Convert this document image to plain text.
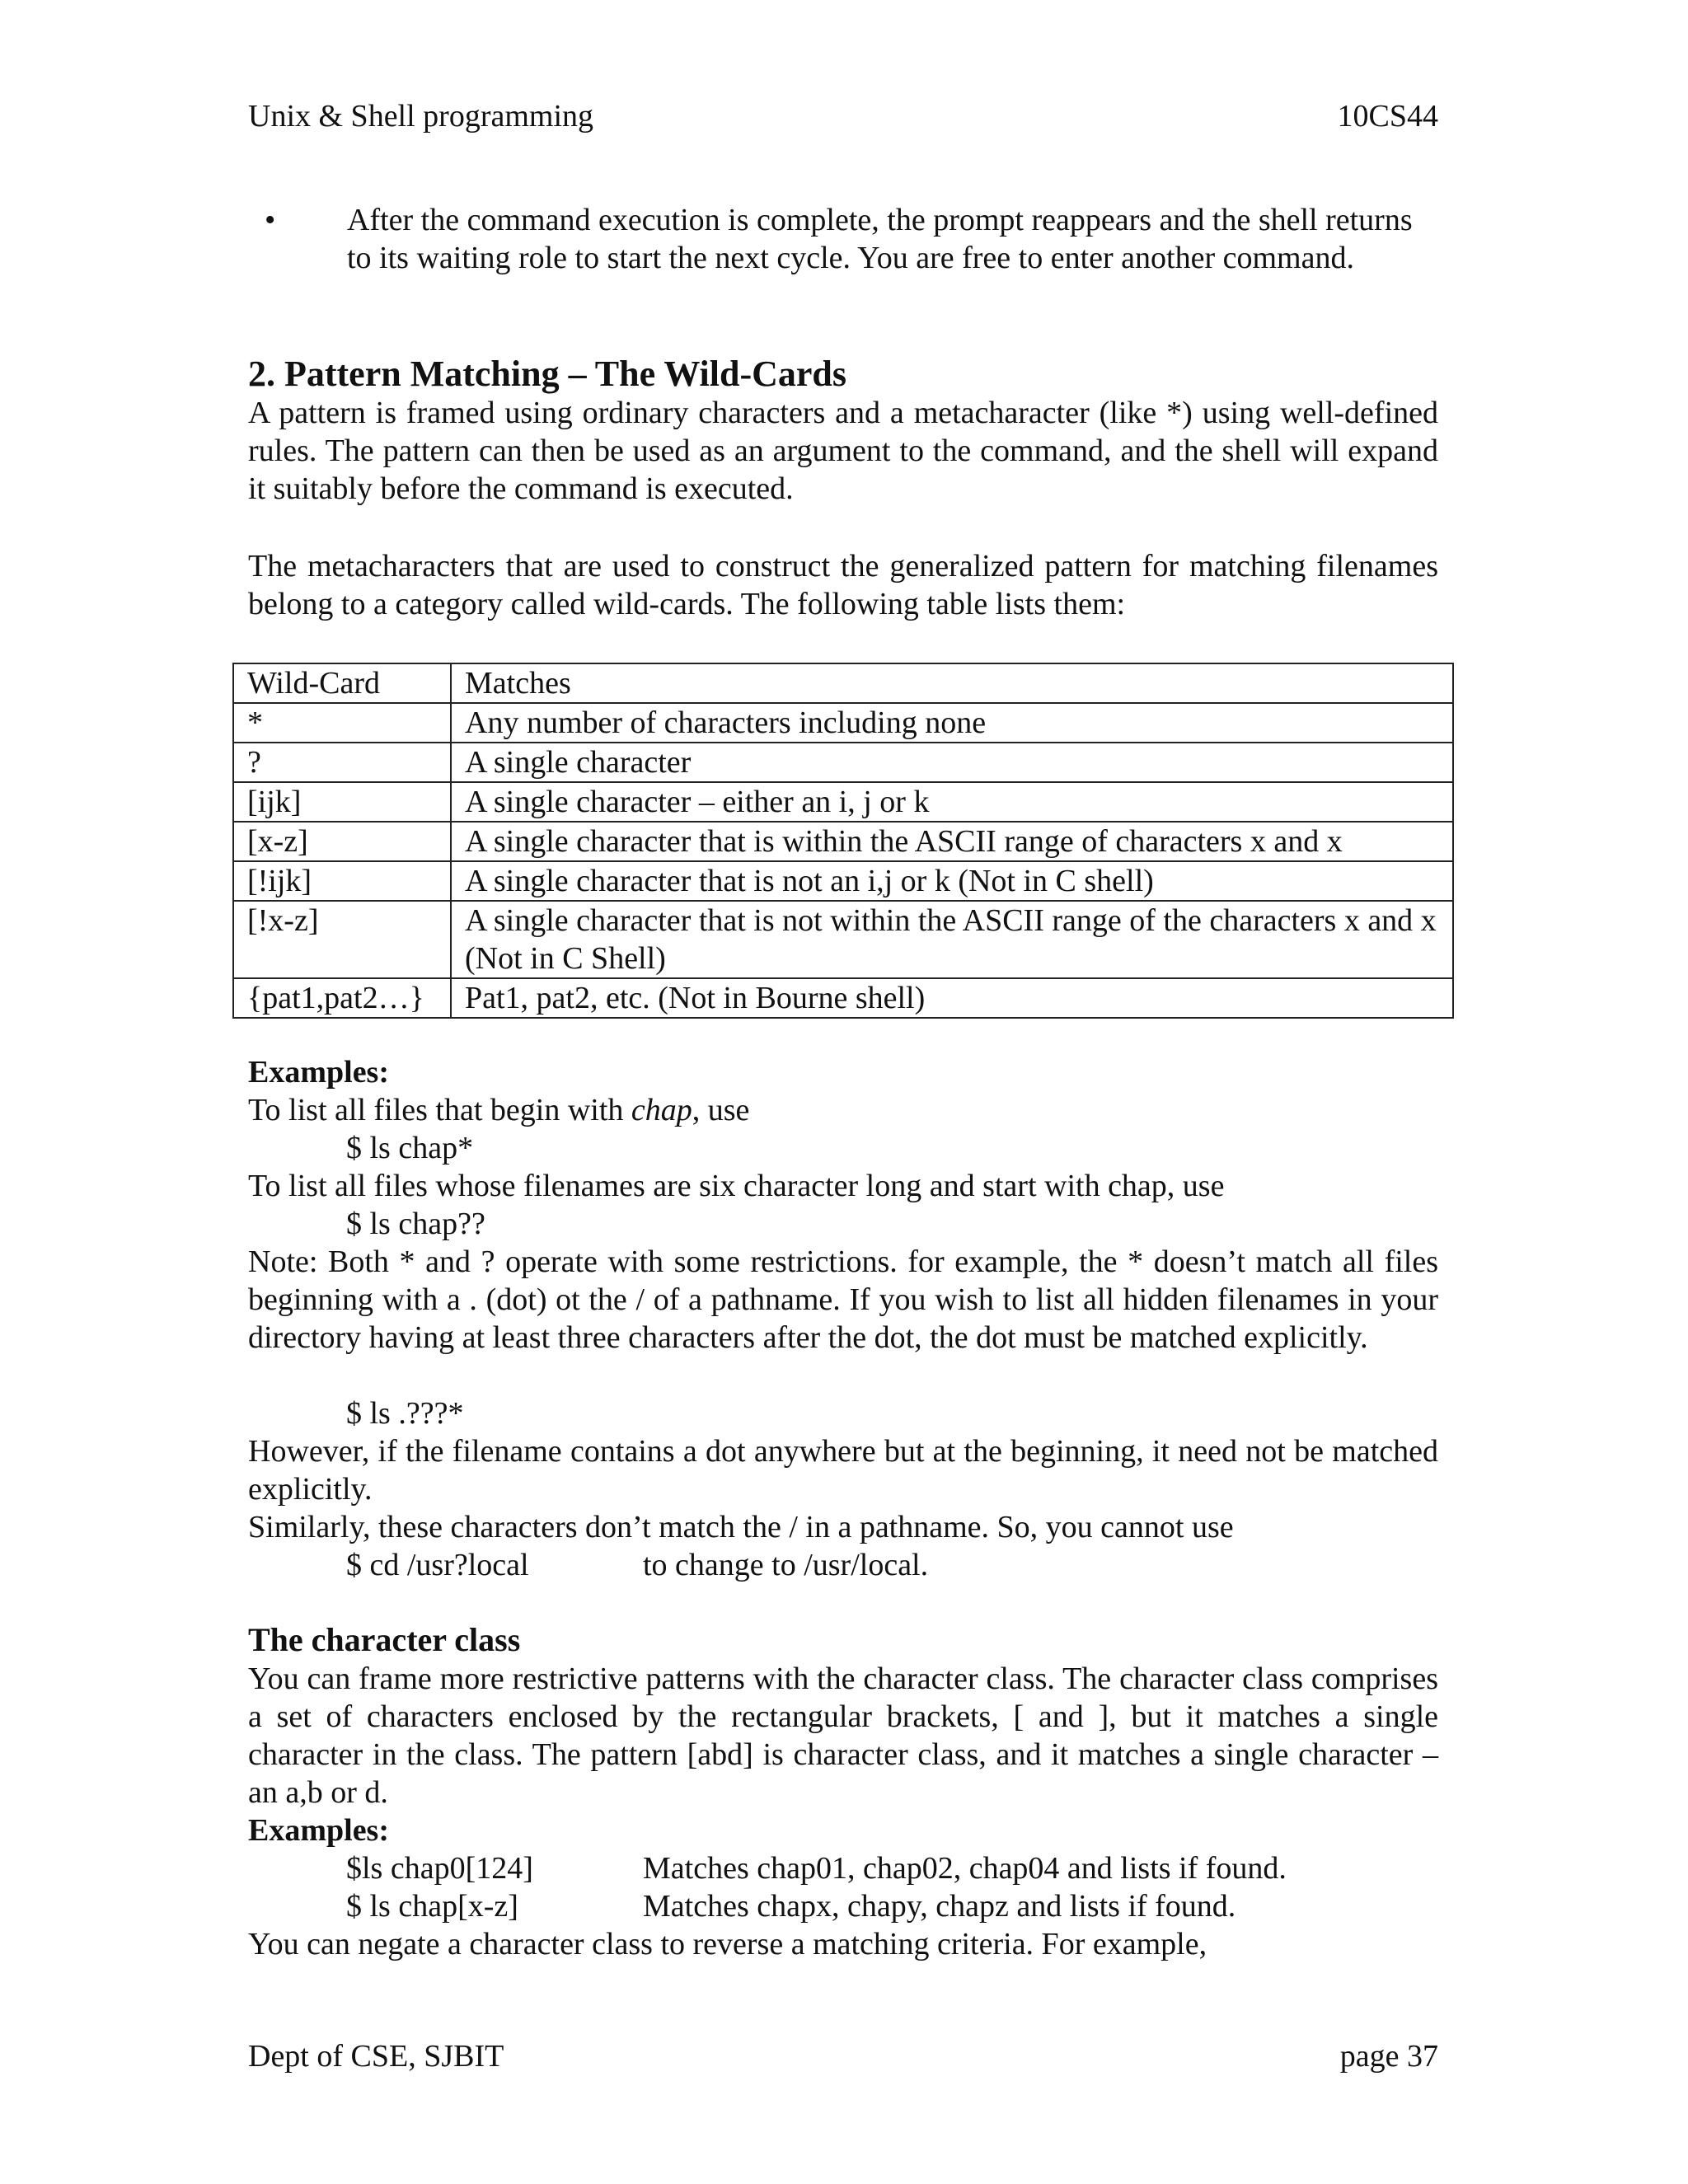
Unix & Shell programming	10CS44
• After the command execution is complete, the prompt reappears and the shell returns to its waiting role to start the next cycle. You are free to enter another command.
2. Pattern Matching – The Wild-Cards
A pattern is framed using ordinary characters and a metacharacter (like *) using well-defined rules. The pattern can then be used as an argument to the command, and the shell will expand it suitably before the command is executed.
The metacharacters that are used to construct the generalized pattern for matching filenames belong to a category called wild-cards. The following table lists them:
Wild-Card	Matches
*	Any number of characters including none
?	A single character
[ijk]	A single character – either an i, j or k
[x-z]	A single character that is within the ASCII range of characters x and x
[!ijk]	A single character that is not an i,j or k (Not in C shell)
[!x-z]	A single character that is not within the ASCII range of the characters x and x (Not in C Shell)
{pat1,pat2…}	Pat1, pat2, etc. (Not in Bourne shell)
Examples:
To list all files that begin with chap, use
$ ls chap*
To list all files whose filenames are six character long and start with chap, use
$ ls chap??
Note: Both * and ? operate with some restrictions. for example, the * doesn’t match all files beginning with a . (dot) ot the / of a pathname. If you wish to list all hidden filenames in your directory having at least three characters after the dot, the dot must be matched explicitly.
$ ls .???*
However, if the filename contains a dot anywhere but at the beginning, it need not be matched explicitly.
Similarly, these characters don’t match the / in a pathname. So, you cannot use
$ cd /usr?local	to change to /usr/local.
The character class
You can frame more restrictive patterns with the character class. The character class comprises a set of characters enclosed by the rectangular brackets, [ and ], but it matches a single character in the class. The pattern [abd] is character class, and it matches a single character – an a,b or d.
Examples:
$ls chap0[124]	Matches chap01, chap02, chap04 and lists if found.
$ ls chap[x-z]	Matches chapx, chapy, chapz and lists if found.
You can negate a character class to reverse a matching criteria. For example,
Dept of CSE, SJBIT	page 37
